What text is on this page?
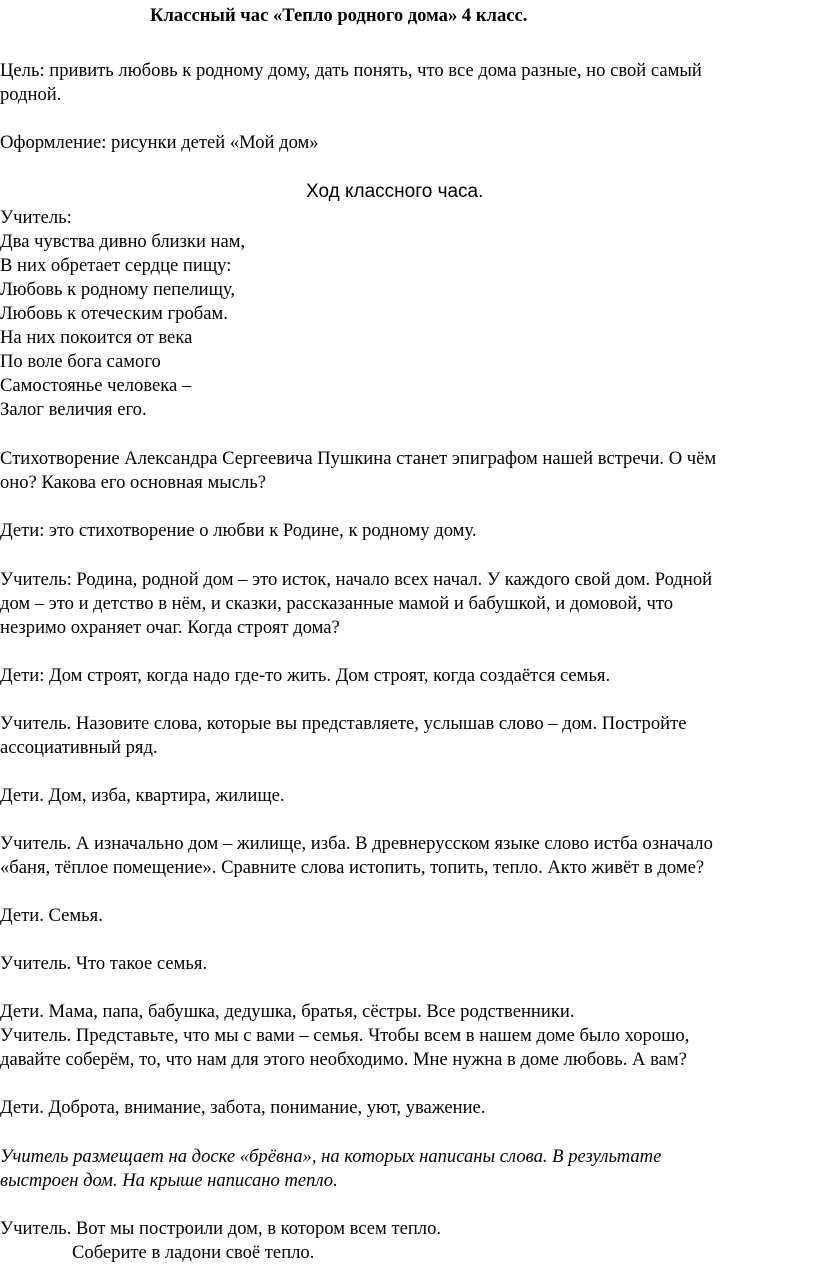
Классный час «Тепло родного дома» 4 класс.
Цель: привить любовь к родному дому, дать понять, что все дома разные, но свой самый
родной.
Оформление: рисунки детей «Мой дом»
Ход классного часа.
Учитель:
Два чувства дивно близки нам,
В них обретает сердце пищу:
Любовь к родному пепелищу,
Любовь к отеческим гробам.
На них покоится от века
По воле бога самого
Самостоянье человека –
Залог величия его.
Стихотворение Александра Сергеевича Пушкина станет эпиграфом нашей встречи. О чём
оно? Какова его основная мысль?
Дети: это стихотворение о любви к Родине, к родному дому.
Учитель: Родина, родной дом – это исток, начало всех начал. У каждого свой дом. Родной
дом – это и детство в нём, и сказки, рассказанные мамой и бабушкой, и домовой, что
незримо охраняет очаг. Когда строят дома?
Дети: Дом строят, когда надо где-то жить. Дом строят, когда создаётся семья.
Учитель. Назовите слова, которые вы представляете, услышав слово – дом. Постройте
ассоциативный ряд.
Дети. Дом, изба, квартира, жилище.
Учитель. А изначально дом – жилище, изба. В древнерусском языке слово истба означало
«баня, тёплое помещение». Сравните слова истопить, топить, тепло. Акто живёт в доме?
Дети. Семья.
Учитель. Что такое семья.
Дети. Мама, папа, бабушка, дедушка, братья, сёстры. Все родственники.
Учитель. Представьте, что мы с вами – семья. Чтобы всем в нашем доме было хорошо,
давайте соберём, то, что нам для этого необходимо. Мне нужна в доме любовь. А вам?
Дети. Доброта, внимание, забота, понимание, уют, уважение.
Учитель размещает на доске «брёвна», на которых написаны слова. В результате
выстроен дом. На крыше написано тепло.
Учитель. Вот мы построили дом, в котором всем тепло.
Соберите в ладони своё тепло.
